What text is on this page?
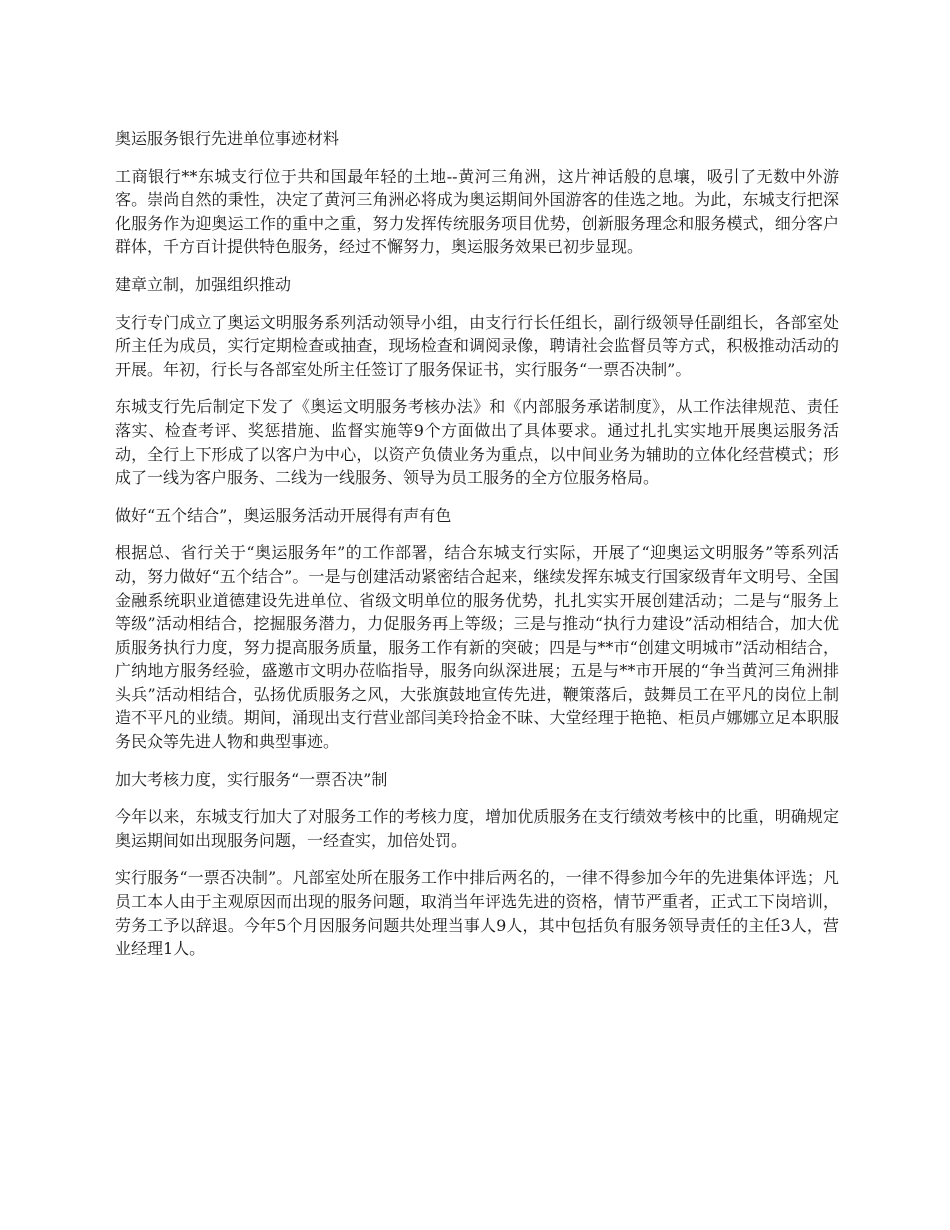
奥运服务银行先进单位事迹材料

工商银行**东城支行位于共和国最年轻的土地--黄河三角洲，这片神话般的息壤，吸引了无数中外游客。崇尚自然的秉性，决定了黄河三角洲必将成为奥运期间外国游客的佳选之地。为此，东城支行把深化服务作为迎奥运工作的重中之重，努力发挥传统服务项目优势，创新服务理念和服务模式，细分客户群体，千方百计提供特色服务，经过不懈努力，奥运服务效果已初步显现。

建章立制，加强组织推动

支行专门成立了奥运文明服务系列活动领导小组，由支行行长任组长，副行级领导任副组长，各部室处所主任为成员，实行定期检查或抽查，现场检查和调阅录像，聘请社会监督员等方式，积极推动活动的开展。年初，行长与各部室处所主任签订了服务保证书，实行服务“一票否决制”。

东城支行先后制定下发了《奥运文明服务考核办法》和《内部服务承诺制度》，从工作法律规范、责任落实、检查考评、奖惩措施、监督实施等9个方面做出了具体要求。通过扎扎实实地开展奥运服务活动，全行上下形成了以客户为中心，以资产负债业务为重点，以中间业务为辅助的立体化经营模式；形成了一线为客户服务、二线为一线服务、领导为员工服务的全方位服务格局。

做好“五个结合”，奥运服务活动开展得有声有色

根据总、省行关于“奥运服务年”的工作部署，结合东城支行实际，开展了“迎奥运文明服务”等系列活动，努力做好“五个结合”。一是与创建活动紧密结合起来，继续发挥东城支行国家级青年文明号、全国金融系统职业道德建设先进单位、省级文明单位的服务优势，扎扎实实开展创建活动；二是与“服务上等级”活动相结合，挖掘服务潜力，力促服务再上等级；三是与推动“执行力建设”活动相结合，加大优质服务执行力度，努力提高服务质量，服务工作有新的突破；四是与**市“创建文明城市”活动相结合，广纳地方服务经验，盛邀市文明办莅临指导，服务向纵深进展；五是与**市开展的“争当黄河三角洲排头兵”活动相结合，弘扬优质服务之风，大张旗鼓地宣传先进，鞭策落后，鼓舞员工在平凡的岗位上制造不平凡的业绩。期间，涌现出支行营业部闫美玲拾金不昧、大堂经理于艳艳、柜员卢娜娜立足本职服务民众等先进人物和典型事迹。

加大考核力度，实行服务“一票否决”制

今年以来，东城支行加大了对服务工作的考核力度，增加优质服务在支行绩效考核中的比重，明确规定奥运期间如出现服务问题，一经查实，加倍处罚。

实行服务“一票否决制”。凡部室处所在服务工作中排后两名的，一律不得参加今年的先进集体评选；凡员工本人由于主观原因而出现的服务问题，取消当年评选先进的资格，情节严重者，正式工下岗培训，劳务工予以辞退。今年5个月因服务问题共处理当事人9人，其中包括负有服务领导责任的主任3人，营业经理1人。
